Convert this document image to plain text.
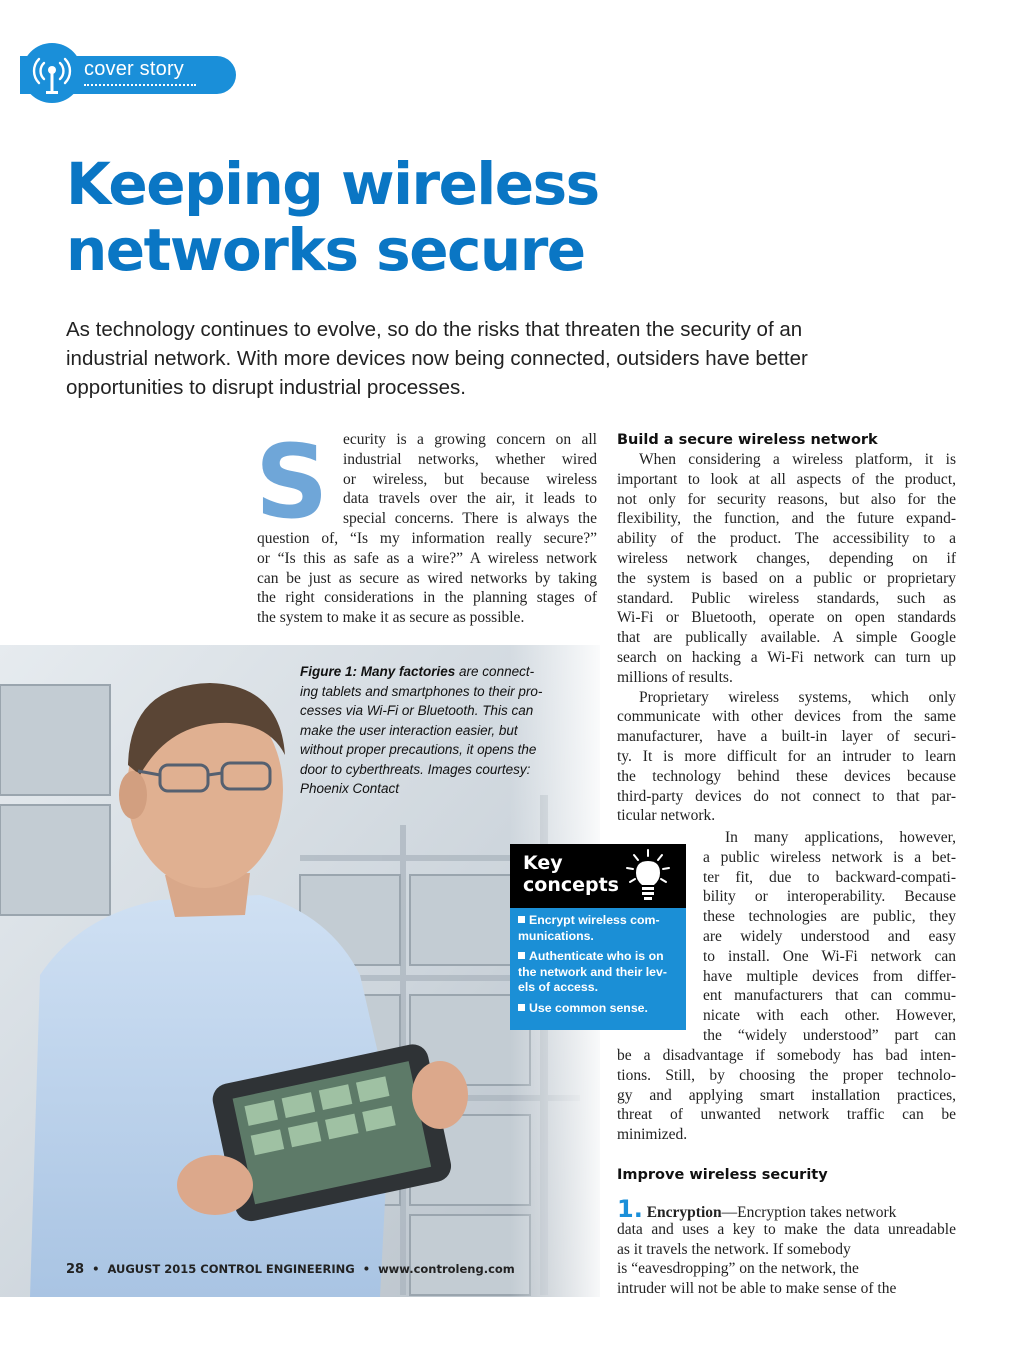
cover story
Keeping wireless
networks secure

As technology continues to evolve, so do the risks that threaten the security of an
industrial network. With more devices now being connected, outsiders have better
opportunities to disrupt industrial processes.

S ecurity is a growing concern on all
industrial networks, whether wired
or wireless, but because wireless
data travels over the air, it leads to
special concerns. There is always the
question of, “Is my information really secure?”
or “Is this as safe as a wire?” A wireless network
can be just as secure as wired networks by taking
the right considerations in the planning stages of
the system to make it as secure as possible.
Figure 1: Many factories are connect-
ing tablets and smartphones to their pro-
cesses via Wi-Fi or Bluetooth. This can
make the user interaction easier, but
without proper precautions, it opens the
door to cyberthreats. Images courtesy:
Phoenix Contact
Key
concepts
Encrypt wireless com-
munications.
Authenticate who is on
the network and their lev-
els of access.
Use common sense.
Build a secure wireless network
When considering a wireless platform, it is
important to look at all aspects of the product,
not only for security reasons, but also for the
flexibility, the function, and the future expand-
ability of the product. The accessibility to a
wireless network changes, depending on if
the system is based on a public or proprietary
standard. Public wireless standards, such as
Wi-Fi or Bluetooth, operate on open standards
that are publically available. A simple Google
search on hacking a Wi-Fi network can turn up
millions of results.
Proprietary wireless systems, which only
communicate with other devices from the same
manufacturer, have a built-in layer of securi-
ty. It is more difficult for an intruder to learn
the technology behind these devices because
third-party devices do not connect to that par-
ticular network.
In many applications, however,
a public wireless network is a bet-
ter fit, due to backward-compati-
bility or interoperability. Because
these technologies are public, they
are widely understood and easy
to install. One Wi-Fi network can
have multiple devices from differ-
ent manufacturers that can commu-
nicate with each other. However,
the “widely understood” part can
be a disadvantage if somebody has bad inten-
tions. Still, by choosing the proper technolo-
gy and applying smart installation practices,
threat of unwanted network traffic can be
minimized.
Improve wireless security
1. Encryption—Encryption takes network
data and uses a key to make the data unreadable
as it travels the network. If somebody
is “eavesdropping” on the network, the
intruder will not be able to make sense of the
28 • AUGUST 2015 CONTROL ENGINEERING • www.controleng.com
